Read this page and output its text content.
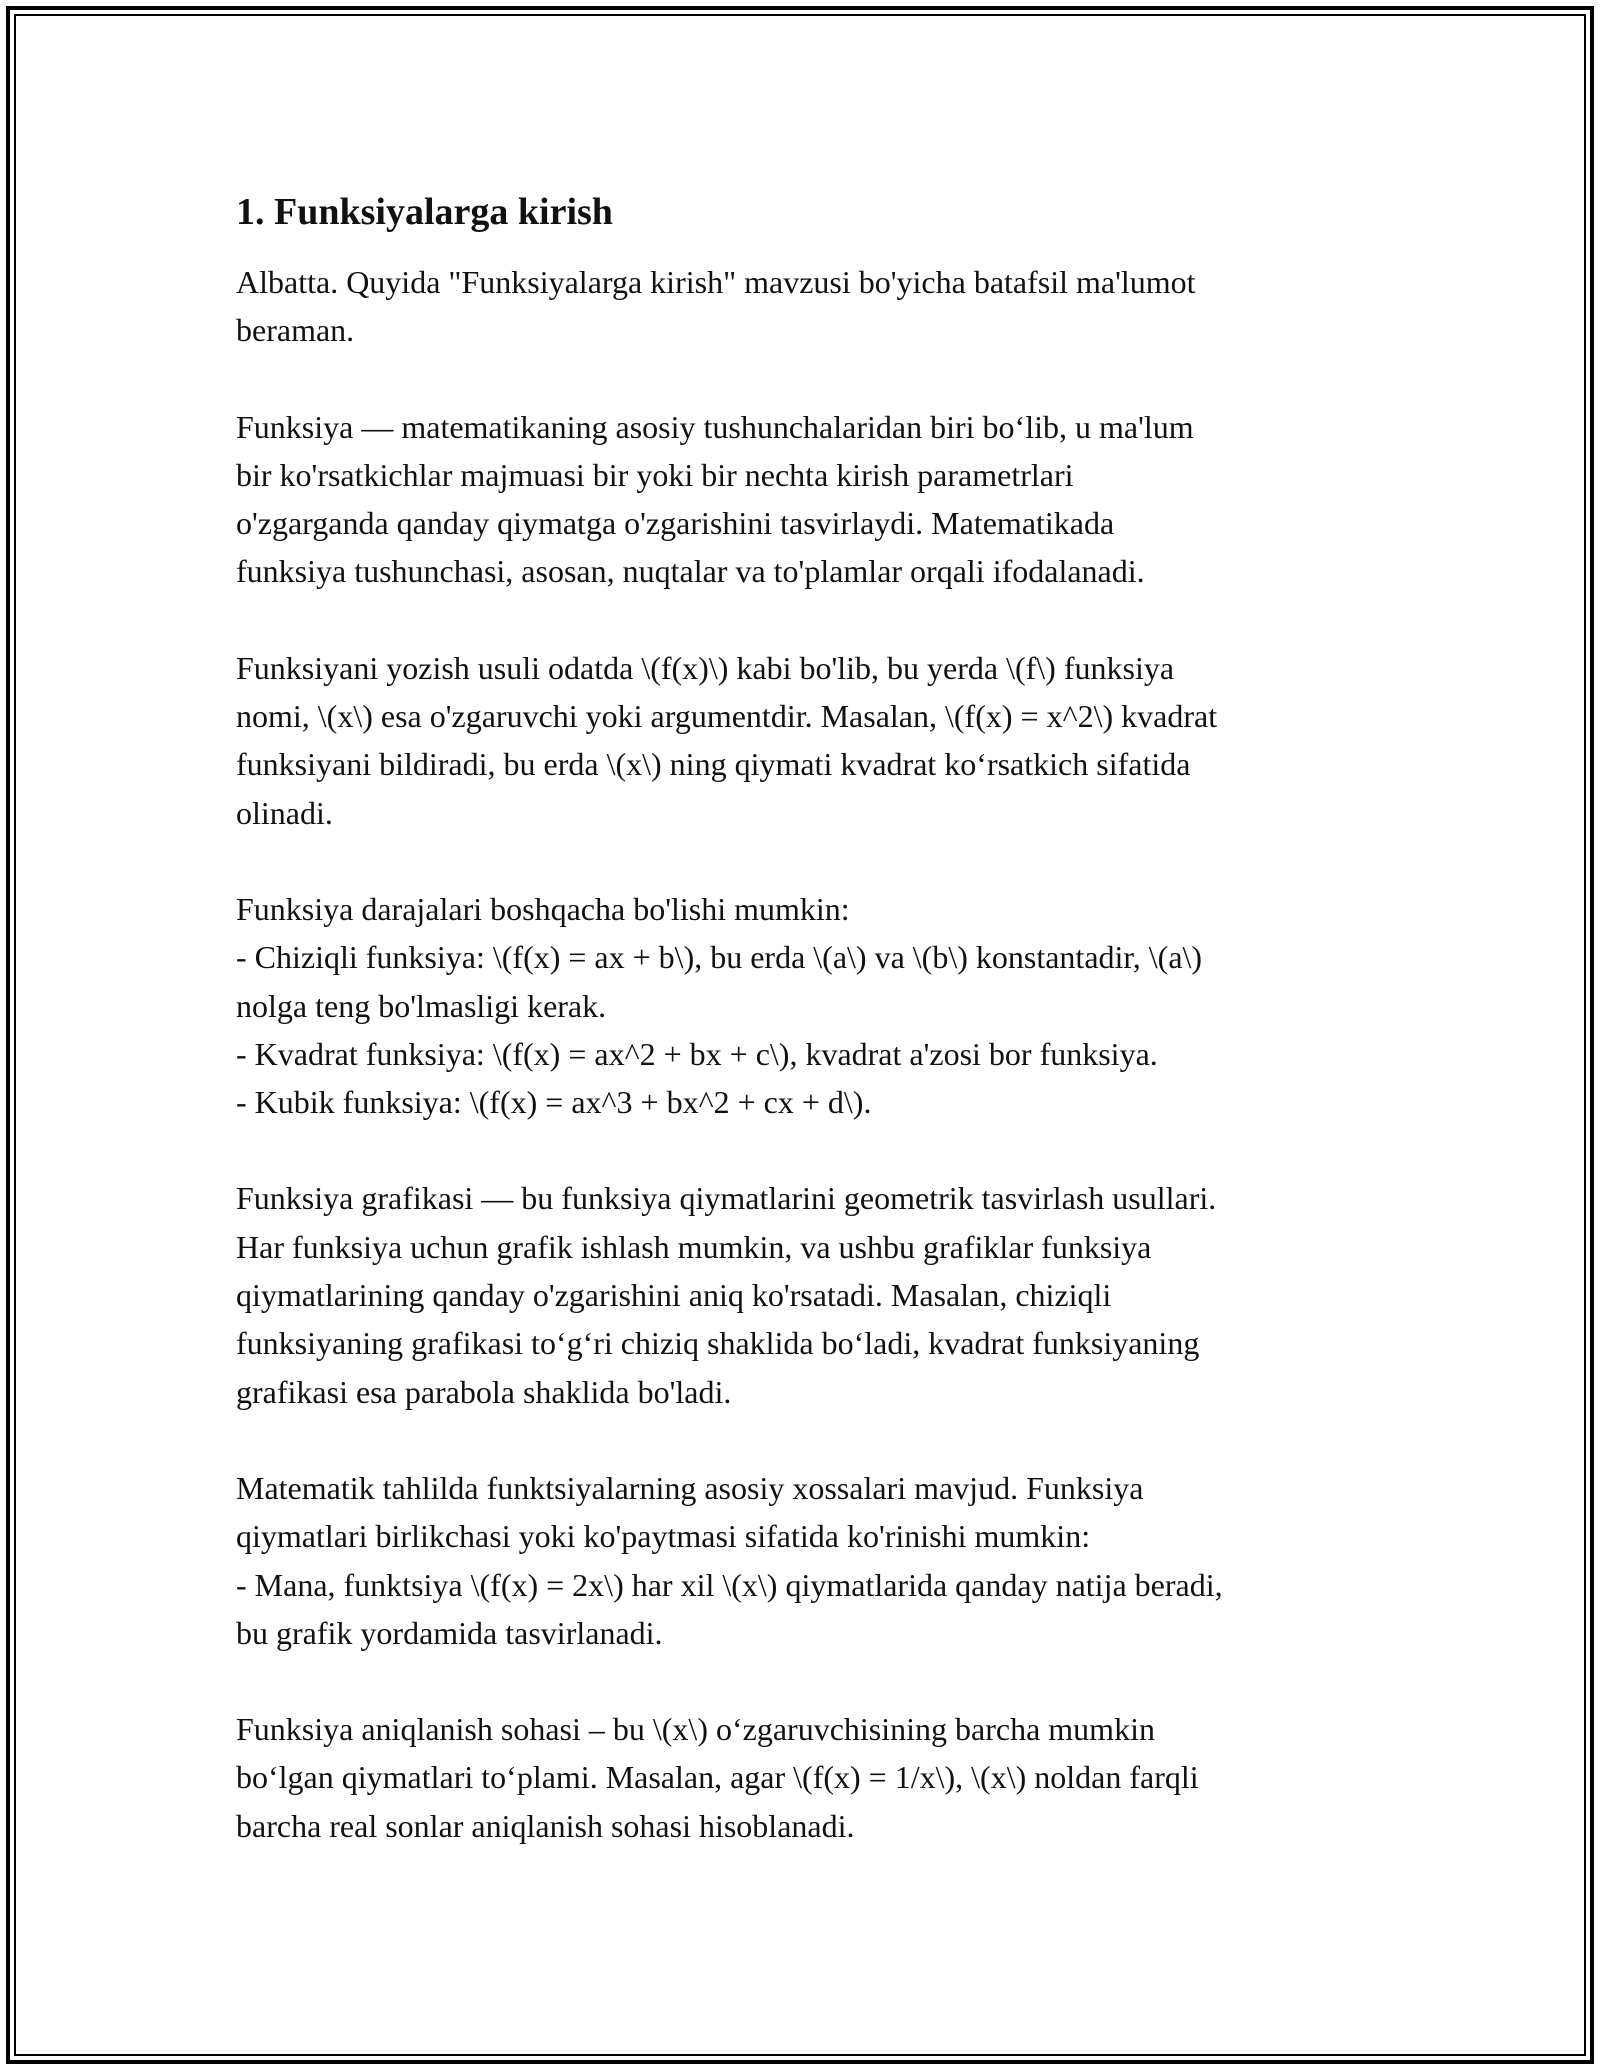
1. Funksiyalarga kirish
Albatta. Quyida "Funksiyalarga kirish" mavzusi bo'yicha batafsil ma'lumot
beraman.
Funksiya — matematikaning asosiy tushunchalaridan biri bo‘lib, u ma'lum
bir ko'rsatkichlar majmuasi bir yoki bir nechta kirish parametrlari
o'zgarganda qanday qiymatga o'zgarishini tasvirlaydi. Matematikada
funksiya tushunchasi, asosan, nuqtalar va to'plamlar orqali ifodalanadi.
Funksiyani yozish usuli odatda \(f(x)\) kabi bo'lib, bu yerda \(f\) funksiya
nomi, \(x\) esa o'zgaruvchi yoki argumentdir. Masalan, \(f(x) = x^2\) kvadrat
funksiyani bildiradi, bu erda \(x\) ning qiymati kvadrat ko‘rsatkich sifatida
olinadi.
Funksiya darajalari boshqacha bo'lishi mumkin:
- Chiziqli funksiya: \(f(x) = ax + b\), bu erda \(a\) va \(b\) konstantadir, \(a\)
nolga teng bo'lmasligi kerak.
- Kvadrat funksiya: \(f(x) = ax^2 + bx + c\), kvadrat a'zosi bor funksiya.
- Kubik funksiya: \(f(x) = ax^3 + bx^2 + cx + d\).
Funksiya grafikasi — bu funksiya qiymatlarini geometrik tasvirlash usullari.
Har funksiya uchun grafik ishlash mumkin, va ushbu grafiklar funksiya
qiymatlarining qanday o'zgarishini aniq ko'rsatadi. Masalan, chiziqli
funksiyaning grafikasi to‘g‘ri chiziq shaklida bo‘ladi, kvadrat funksiyaning
grafikasi esa parabola shaklida bo'ladi.
Matematik tahlilda funktsiyalarning asosiy xossalari mavjud. Funksiya
qiymatlari birlikchasi yoki ko'paytmasi sifatida ko'rinishi mumkin:
- Mana, funktsiya \(f(x) = 2x\) har xil \(x\) qiymatlarida qanday natija beradi,
bu grafik yordamida tasvirlanadi.
Funksiya aniqlanish sohasi – bu \(x\) o‘zgaruvchisining barcha mumkin
bo‘lgan qiymatlari to‘plami. Masalan, agar \(f(x) = 1/x\), \(x\) noldan farqli
barcha real sonlar aniqlanish sohasi hisoblanadi.
